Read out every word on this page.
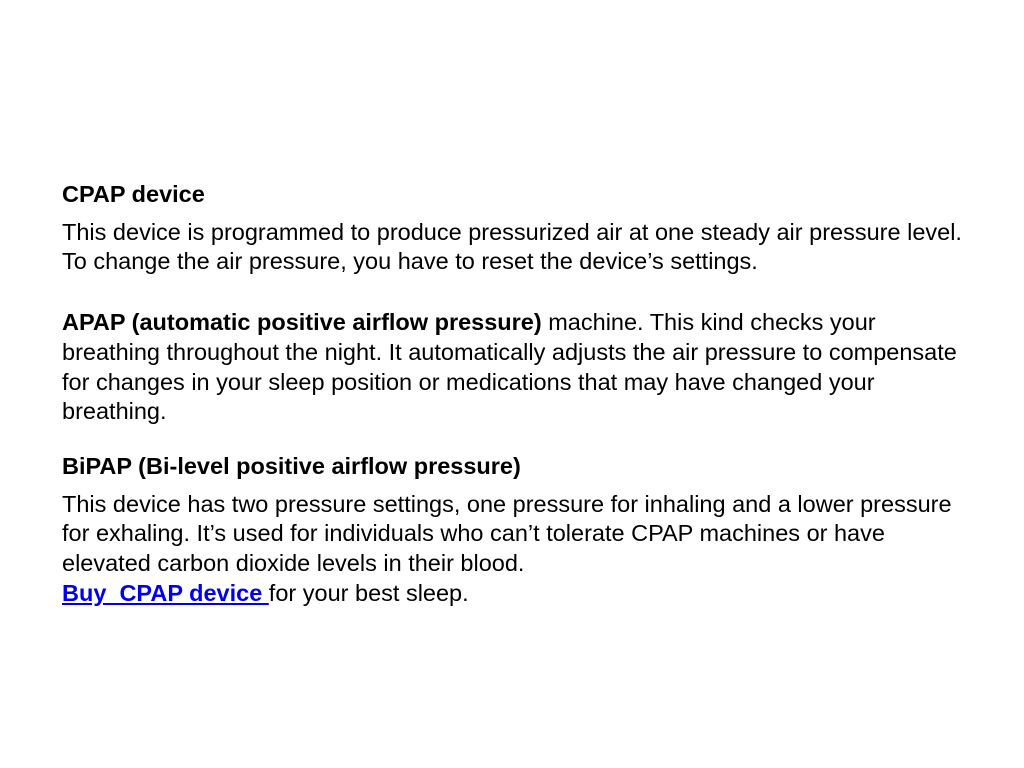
CPAP device

This device is programmed to produce pressurized air at one steady air pressure level. To change the air pressure, you have to reset the device’s settings.

APAP (automatic positive airflow pressure) machine. This kind checks your breathing throughout the night. It automatically adjusts the air pressure to compensate for changes in your sleep position or medications that may have changed your breathing.

BiPAP (Bi-level positive airflow pressure)

This device has two pressure settings, one pressure for inhaling and a lower pressure for exhaling. It’s used for individuals who can’t tolerate CPAP machines or have elevated carbon dioxide levels in their blood.
Buy  CPAP device for your best sleep.
